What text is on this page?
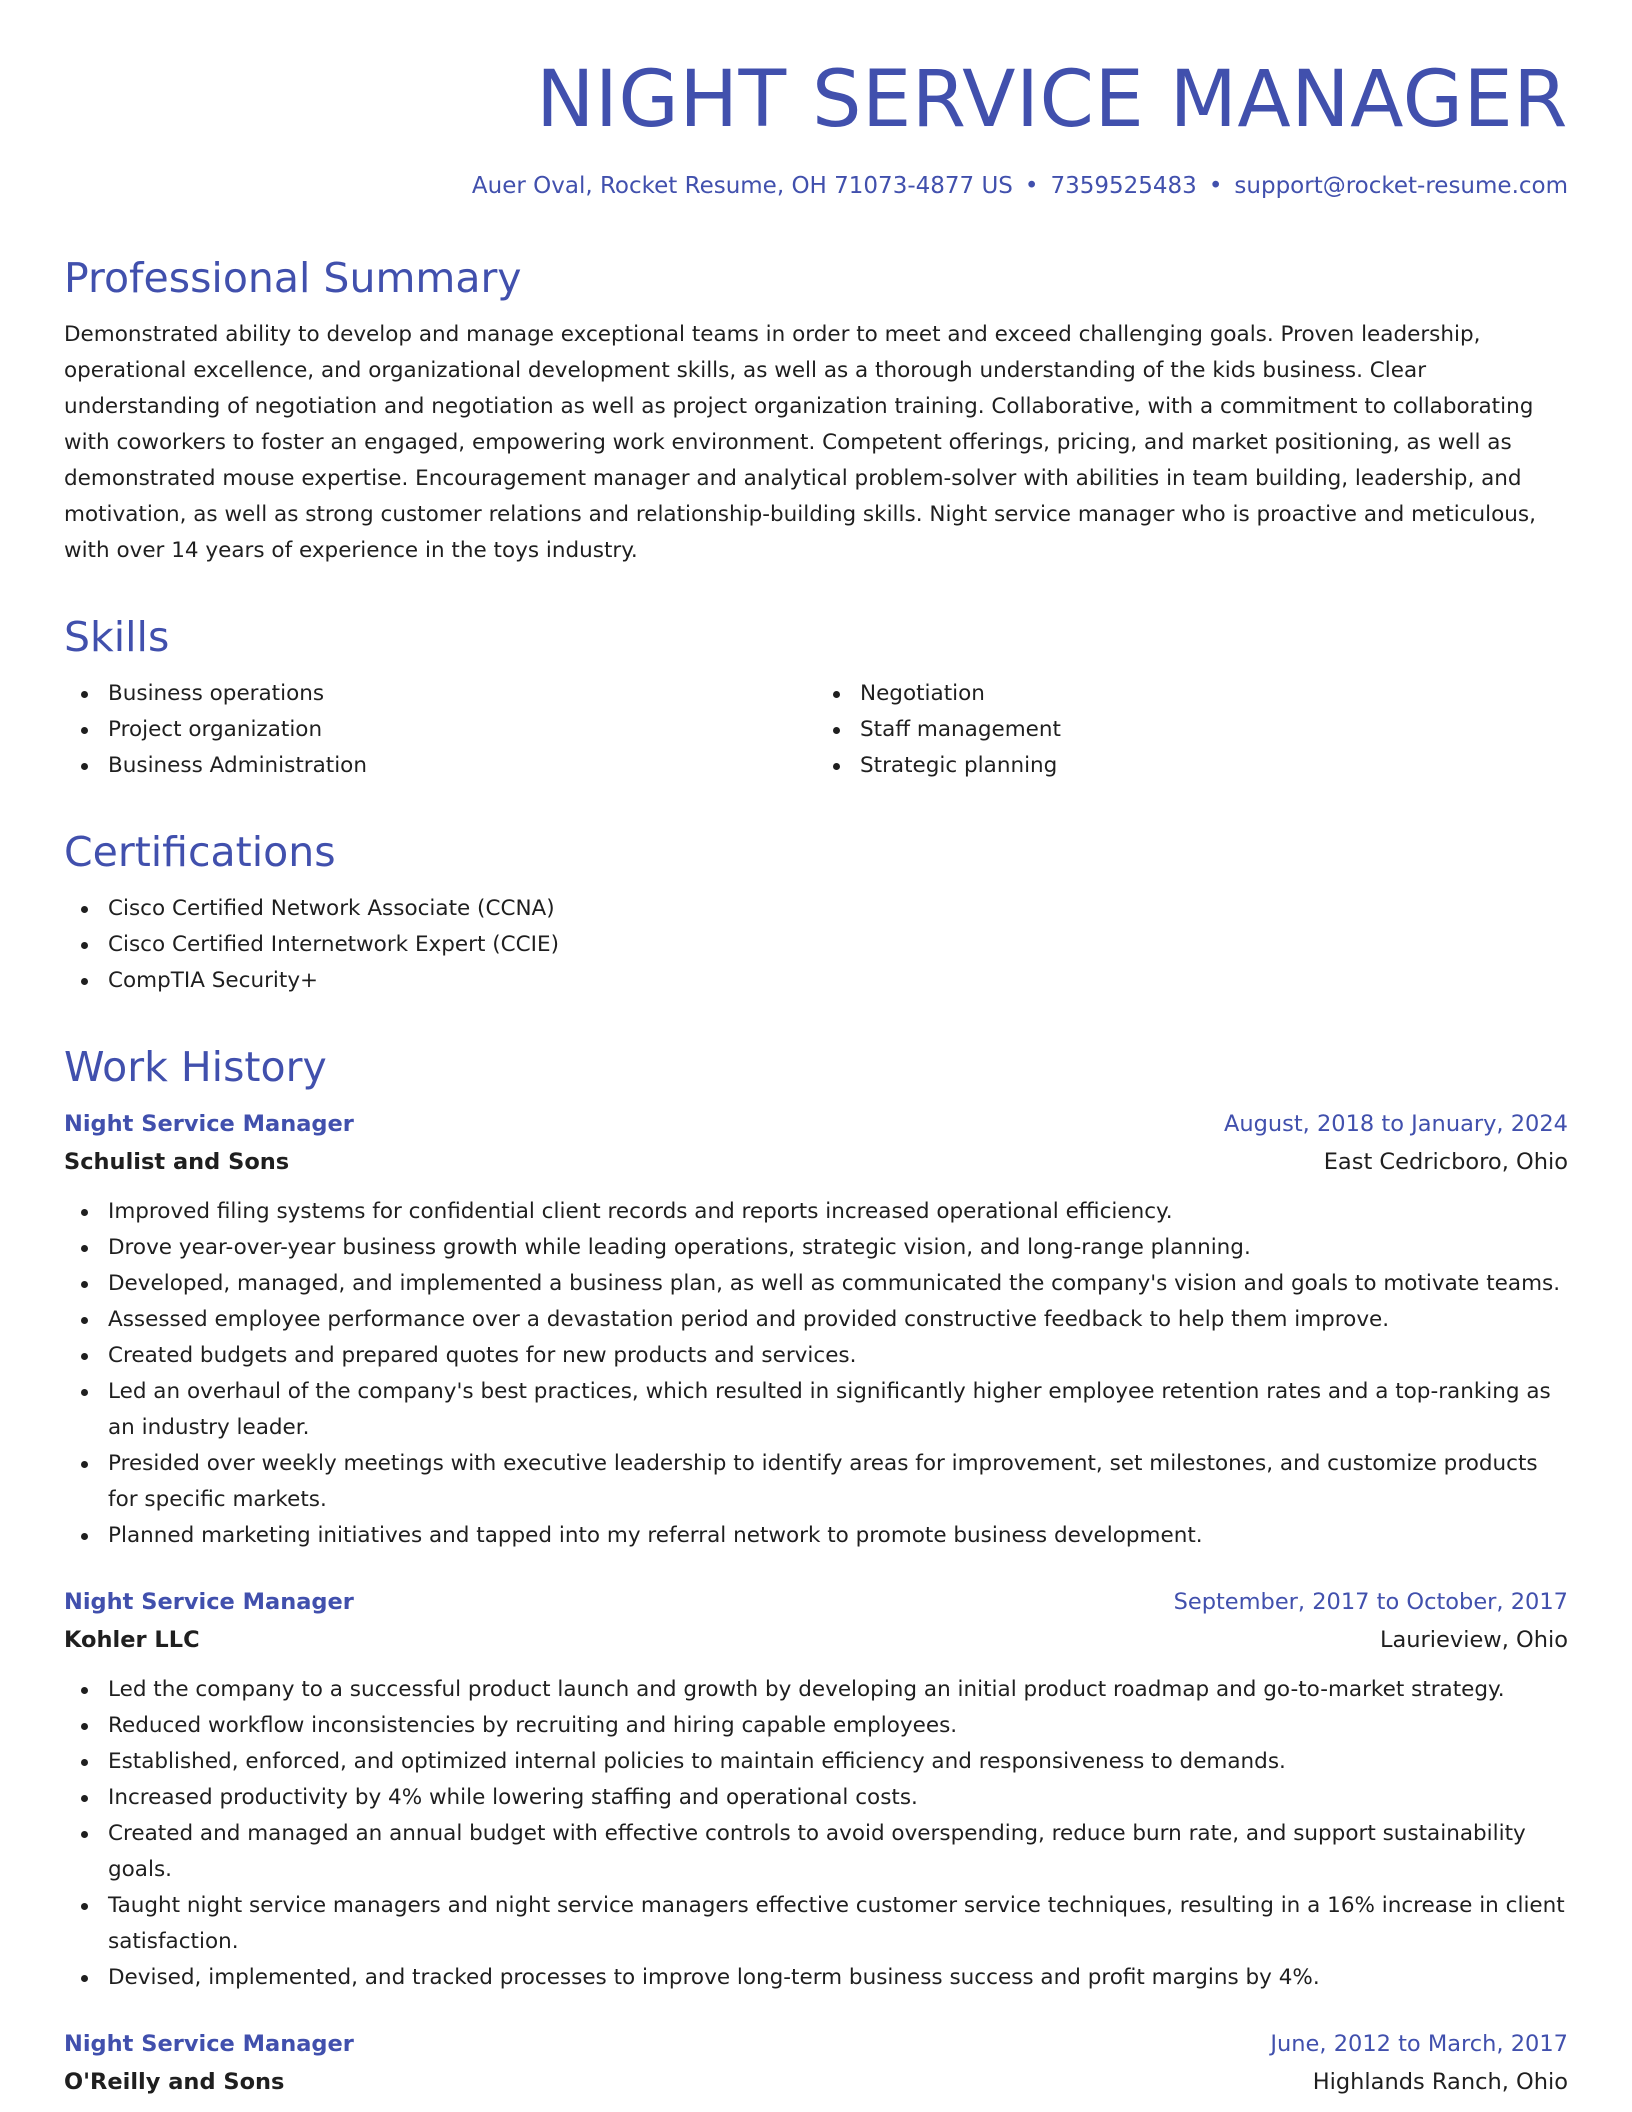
NIGHT SERVICE MANAGER
Auer Oval, Rocket Resume, OH 71073-4877 US • 7359525483 • support@rocket-resume.com
Professional Summary

Demonstrated ability to develop and manage exceptional teams in order to meet and exceed challenging goals. Proven leadership, operational excellence, and organizational development skills, as well as a thorough understanding of the kids business. Clear understanding of negotiation and negotiation as well as project organization training. Collaborative, with a commitment to collaborating with coworkers to foster an engaged, empowering work environment. Competent offerings, pricing, and market positioning, as well as demonstrated mouse expertise. Encouragement manager and analytical problem-solver with abilities in team building, leadership, and motivation, as well as strong customer relations and relationship-building skills. Night service manager who is proactive and meticulous, with over 14 years of experience in the toys industry.

Skills
Business operations
Project organization
Business Administration
Negotiation
Staff management
Strategic planning
Certifications
Cisco Certified Network Associate (CCNA)
Cisco Certified Internetwork Expert (CCIE)
CompTIA Security+
Work History
Night Service Manager	August, 2018 to January, 2024
Schulist and Sons	East Cedricboro, Ohio
Improved filing systems for confidential client records and reports increased operational efficiency.
Drove year-over-year business growth while leading operations, strategic vision, and long-range planning.
Developed, managed, and implemented a business plan, as well as communicated the company's vision and goals to motivate teams.
Assessed employee performance over a devastation period and provided constructive feedback to help them improve.
Created budgets and prepared quotes for new products and services.
Led an overhaul of the company's best practices, which resulted in significantly higher employee retention rates and a top-ranking as an industry leader.
Presided over weekly meetings with executive leadership to identify areas for improvement, set milestones, and customize products for specific markets.
Planned marketing initiatives and tapped into my referral network to promote business development.
Night Service Manager	September, 2017 to October, 2017
Kohler LLC	Laurieview, Ohio
Led the company to a successful product launch and growth by developing an initial product roadmap and go-to-market strategy.
Reduced workflow inconsistencies by recruiting and hiring capable employees.
Established, enforced, and optimized internal policies to maintain efficiency and responsiveness to demands.
Increased productivity by 4% while lowering staffing and operational costs.
Created and managed an annual budget with effective controls to avoid overspending, reduce burn rate, and support sustainability goals.
Taught night service managers and night service managers effective customer service techniques, resulting in a 16% increase in client satisfaction.
Devised, implemented, and tracked processes to improve long-term business success and profit margins by 4%.
Night Service Manager	June, 2012 to March, 2017
O'Reilly and Sons	Highlands Ranch, Ohio
